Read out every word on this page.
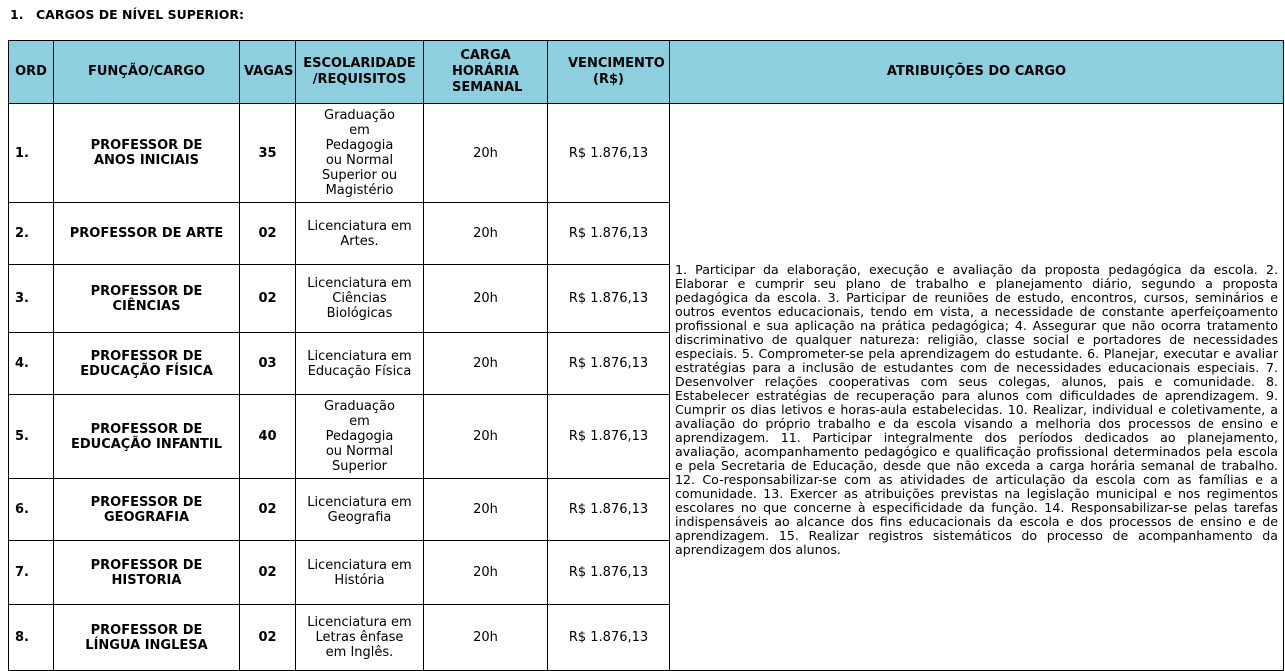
1. CARGOS DE NÍVEL SUPERIOR:
ORD	FUNÇÃO/CARGO	VAGAS	ESCOLARIDADE /REQUISITOS	CARGA HORÁRIA SEMANAL	VENCIMENTO (R$)	ATRIBUIÇÕES DO CARGO
1.	PROFESSOR DE ANOS INICIAIS	35	Graduação em Pedagogia ou Normal Superior ou Magistério	20h	R$ 1.876,13	1. Participar da elaboração, execução e avaliação da proposta pedagógica da escola. 2. Elaborar e cumprir seu plano de trabalho e planejamento diário, segundo a proposta pedagógica da escola. 3. Participar de reuniões de estudo, encontros, cursos, seminários e outros eventos educacionais, tendo em vista, a necessidade de constante aperfeiçoamento profissional e sua aplicação na prática pedagógica; 4. Assegurar que não ocorra tratamento discriminativo de qualquer natureza: religião, classe social e portadores de necessidades especiais. 5. Comprometer-se pela aprendizagem do estudante. 6. Planejar, executar e avaliar estratégias para a inclusão de estudantes com de necessidades educacionais especiais. 7. Desenvolver relações cooperativas com seus colegas, alunos, pais e comunidade. 8. Estabelecer estratégias de recuperação para alunos com dificuldades de aprendizagem. 9. Cumprir os dias letivos e horas-aula estabelecidas. 10. Realizar, individual e coletivamente, a avaliação do próprio trabalho e da escola visando a melhoria dos processos de ensino e aprendizagem. 11. Participar integralmente dos períodos dedicados ao planejamento, avaliação, acompanhamento pedagógico e qualificação profissional determinados pela escola e pela Secretaria de Educação, desde que não exceda a carga horária semanal de trabalho. 12. Co-responsabilizar-se com as atividades de articulação da escola com as famílias e a comunidade. 13. Exercer as atribuições previstas na legislação municipal e nos regimentos escolares no que concerne à especificidade da função. 14. Responsabilizar-se pelas tarefas indispensáveis ao alcance dos fins educacionais da escola e dos processos de ensino e de aprendizagem. 15. Realizar registros sistemáticos do processo de acompanhamento da aprendizagem dos alunos.

2.	PROFESSOR DE ARTE	02	Licenciatura em Artes.	20h	R$ 1.876,13	
3.	PROFESSOR DE CIÊNCIAS	02	Licenciatura em Ciências Biológicas	20h	R$ 1.876,13	
4.	PROFESSOR DE EDUCAÇÃO FÍSICA	03	Licenciatura em Educação Física	20h	R$ 1.876,13	
5.	PROFESSOR DE EDUCAÇÃO INFANTIL	40	Graduação em Pedagogia ou Normal Superior	20h	R$ 1.876,13	
6.	PROFESSOR DE GEOGRAFIA	02	Licenciatura em Geografia	20h	R$ 1.876,13	
7.	PROFESSOR DE HISTORIA	02	Licenciatura em História	20h	R$ 1.876,13	
8.	PROFESSOR DE LÍNGUA INGLESA	02	Licenciatura em Letras ênfase em Inglês.	20h	R$ 1.876,13	
